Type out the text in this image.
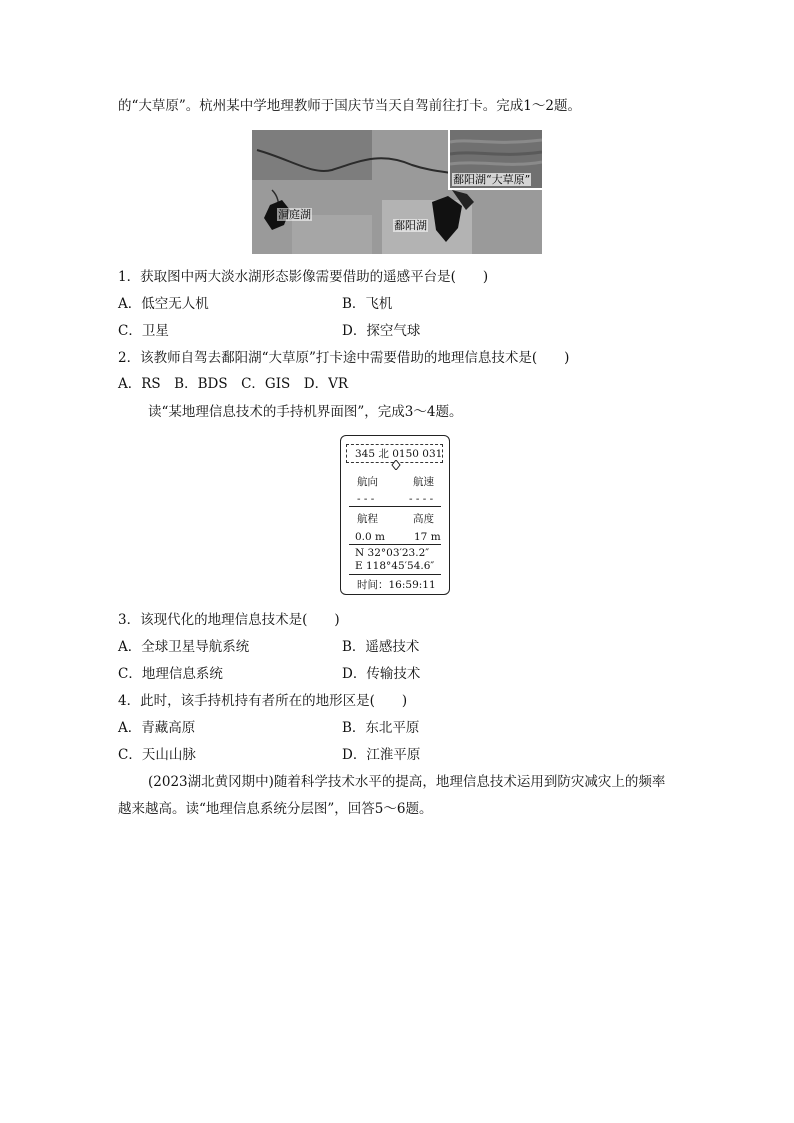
的“大草原”。杭州某中学地理教师于国庆节当天自驾前往打卡。完成1～2题。
鄱阳湖“大草原”
洞庭湖
鄱阳湖
1．获取图中两大淡水湖形态影像需要借助的遥感平台是(　　)
A．低空无人机	B．飞机
C．卫星	D．探空气球
2．该教师自驾去鄱阳湖“大草原”打卡途中需要借助的地理信息技术是(　　)
A．RS　B．BDS　C．GIS　D．VR
读“某地理信息技术的手持机界面图”，完成3～4题。
345 北 0150 031
航向	航速
- - -	- - - -
航程	高度
0.0 m	17 m
N 32°03′23.2″
E 118°45′54.6″
时间：16:59:11
3．该现代化的地理信息技术是(　　)
A．全球卫星导航系统	B．遥感技术
C．地理信息系统	D．传输技术
4．此时，该手持机持有者所在的地形区是(　　)
A．青藏高原	B．东北平原
C．天山山脉	D．江淮平原
(2023湖北黄冈期中)随着科学技术水平的提高，地理信息技术运用到防灾减灾上的频率
越来越高。读“地理信息系统分层图”，回答5～6题。
